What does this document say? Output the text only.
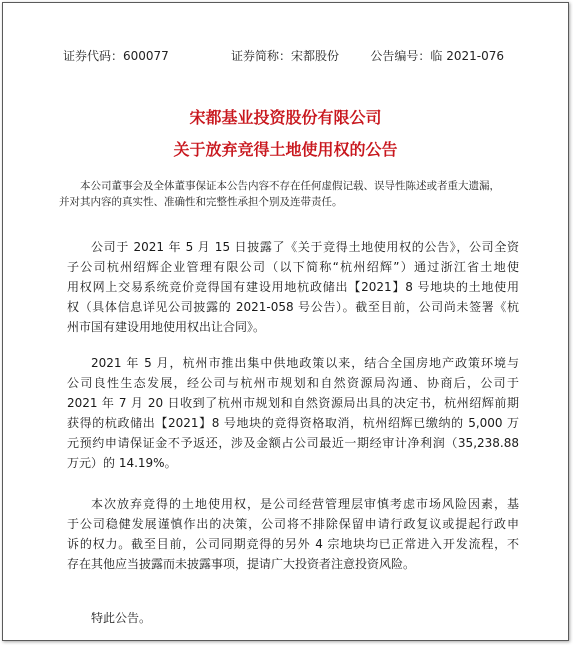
证券代码：600077	证券简称：宋都股份	公告编号：临 2021-076
宋都基业投资股份有限公司
关于放弃竞得土地使用权的公告
本公司董事会及全体董事保证本公告内容不存在任何虚假记载、误导性陈述或者重大遗漏，
并对其内容的真实性、准确性和完整性承担个别及连带责任。
公司于 2021 年 5 月 15 日披露了《关于竞得土地使用权的公告》，公司全资
子公司杭州绍辉企业管理有限公司（以下简称“杭州绍辉”）通过浙江省土地使
用权网上交易系统竞价竞得国有建设用地杭政储出【2021】8 号地块的土地使用
权（具体信息详见公司披露的 2021-058 号公告）。截至目前，公司尚未签署《杭
州市国有建设用地使用权出让合同》。
2021 年 5 月，杭州市推出集中供地政策以来，结合全国房地产政策环境与
公司良性生态发展，经公司与杭州市规划和自然资源局沟通、协商后，公司于
2021 年 7 月 20 日收到了杭州市规划和自然资源局出具的决定书，杭州绍辉前期
获得的杭政储出【2021】8 号地块的竞得资格取消，杭州绍辉已缴纳的 5,000 万
元预约申请保证金不予返还，涉及金额占公司最近一期经审计净利润（35,238.88
万元）的 14.19%。
本次放弃竞得的土地使用权，是公司经营管理层审慎考虑市场风险因素，基
于公司稳健发展谨慎作出的决策，公司将不排除保留申请行政复议或提起行政申
诉的权力。截至目前，公司同期竞得的另外 4 宗地块均已正常进入开发流程，不
存在其他应当披露而未披露事项，提请广大投资者注意投资风险。
特此公告。
